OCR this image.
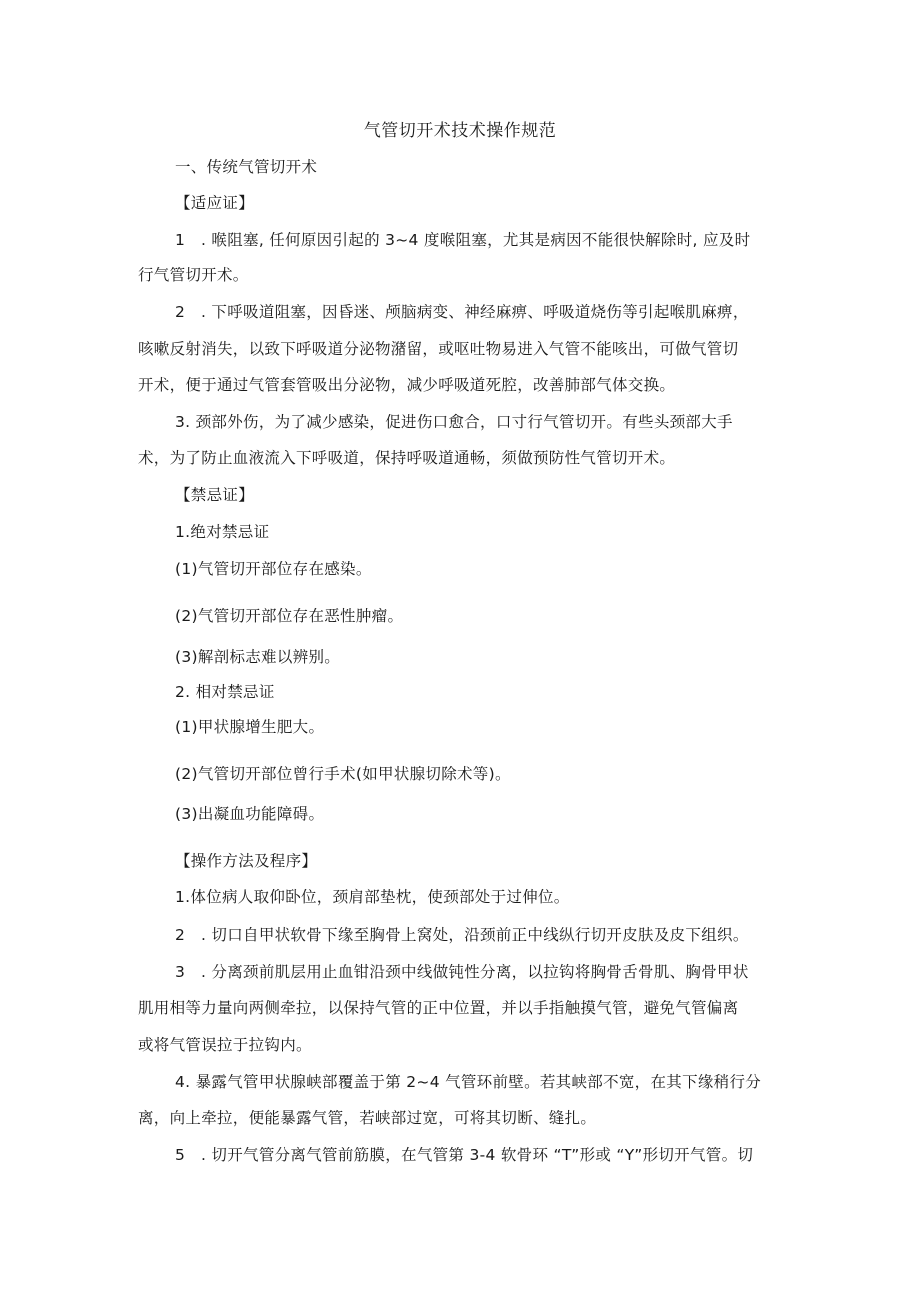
气管切开术技术操作规范
一、传统气管切开术
【适应证】
1　. 喉阻塞, 任何原因引起的 3~4 度喉阻塞，尤其是病因不能很快解除时, 应及时
行气管切开术。
2　. 下呼吸道阻塞，因昏迷、颅脑病变、神经麻痹、呼吸道烧伤等引起喉肌麻痹，
咳嗽反射消失，以致下呼吸道分泌物潴留，或呕吐物易进入气管不能咳出，可做气管切
开术，便于通过气管套管吸出分泌物，减少呼吸道死腔，改善肺部气体交换。
3. 颈部外伤，为了减少感染，促进伤口愈合，口寸行气管切开。有些头颈部大手
术，为了防止血液流入下呼吸道，保持呼吸道通畅，须做预防性气管切开术。
【禁忌证】
1.绝对禁忌证
(1)气管切开部位存在感染。
(2)气管切开部位存在恶性肿瘤。
(3)解剖标志难以辨别。
2. 相对禁忌证
(1)甲状腺增生肥大。
(2)气管切开部位曾行手术(如甲状腺切除术等)。
(3)出凝血功能障碍。
【操作方法及程序】
1.体位病人取仰卧位，颈肩部垫枕，使颈部处于过伸位。
2　. 切口自甲状软骨下缘至胸骨上窝处，沿颈前正中线纵行切开皮肤及皮下组织。
3　. 分离颈前肌层用止血钳沿颈中线做钝性分离，以拉钩将胸骨舌骨肌、胸骨甲状
肌用相等力量向两侧牵拉，以保持气管的正中位置，并以手指触摸气管，避免气管偏离
或将气管误拉于拉钩内。
4. 暴露气管甲状腺峡部覆盖于第 2~4 气管环前壁。若其峡部不宽，在其下缘稍行分
离，向上牵拉，便能暴露气管，若峡部过宽，可将其切断、缝扎。
5　. 切开气管分离气管前筋膜，在气管第 3-4 软骨环 “T”形或 “Y”形切开气管。切
